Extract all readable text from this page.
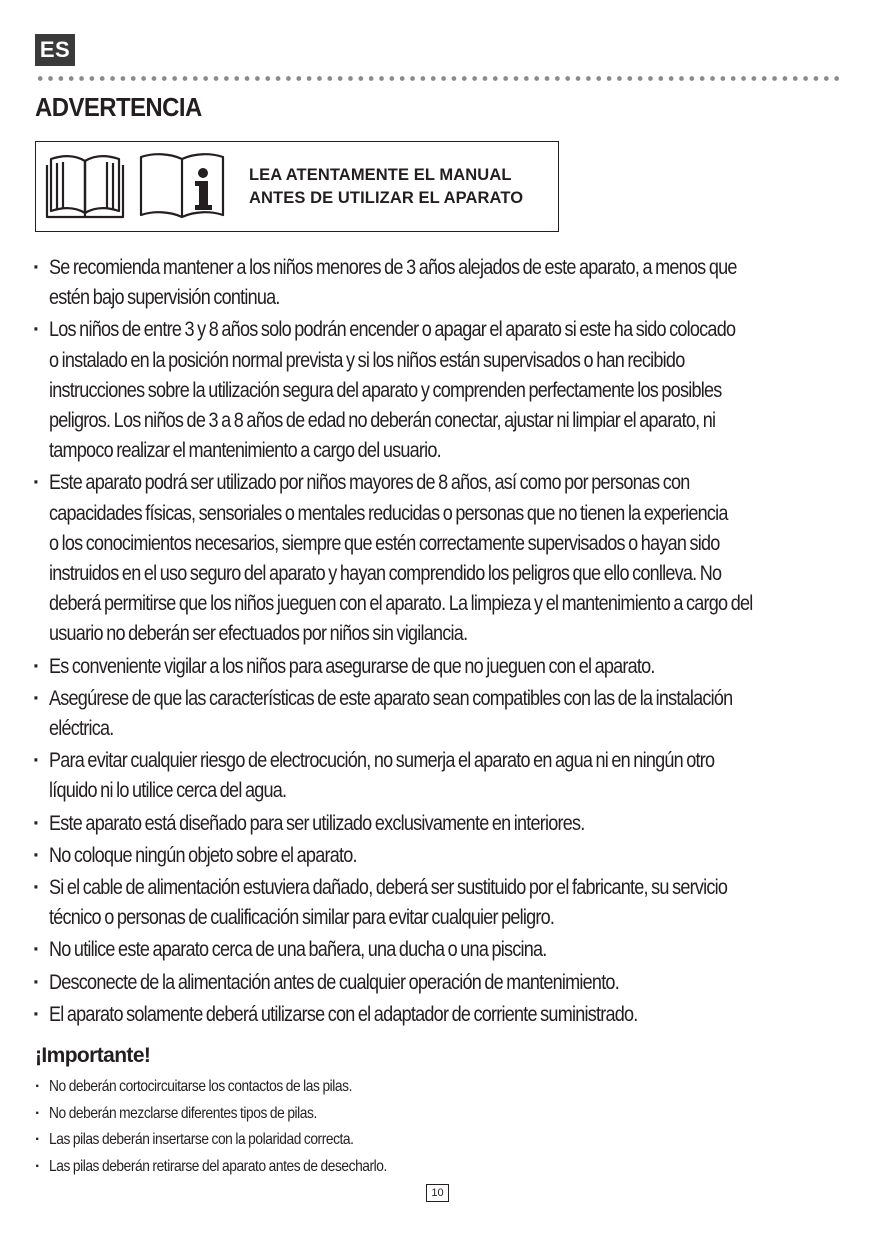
ES
ADVERTENCIA
LEA ATENTAMENTE EL MANUAL
ANTES DE UTILIZAR EL APARATO
· Se recomienda mantener a los niños menores de 3 años alejados de este aparato, a menos que
estén bajo supervisión continua.
· Los niños de entre 3 y 8 años solo podrán encender o apagar el aparato si este ha sido colocado
o instalado en la posición normal prevista y si los niños están supervisados o han recibido
instrucciones sobre la utilización segura del aparato y comprenden perfectamente los posibles
peligros. Los niños de 3 a 8 años de edad no deberán conectar, ajustar ni limpiar el aparato, ni
tampoco realizar el mantenimiento a cargo del usuario.
· Este aparato podrá ser utilizado por niños mayores de 8 años, así como por personas con
capacidades físicas, sensoriales o mentales reducidas o personas que no tienen la experiencia
o los conocimientos necesarios, siempre que estén correctamente supervisados o hayan sido
instruidos en el uso seguro del aparato y hayan comprendido los peligros que ello conlleva. No
deberá permitirse que los niños jueguen con el aparato. La limpieza y el mantenimiento a cargo del
usuario no deberán ser efectuados por niños sin vigilancia.
· Es conveniente vigilar a los niños para asegurarse de que no jueguen con el aparato.
· Asegúrese de que las características de este aparato sean compatibles con las de la instalación
eléctrica.
· Para evitar cualquier riesgo de electrocución, no sumerja el aparato en agua ni en ningún otro
líquido ni lo utilice cerca del agua.
· Este aparato está diseñado para ser utilizado exclusivamente en interiores.
· No coloque ningún objeto sobre el aparato.
· Si el cable de alimentación estuviera dañado, deberá ser sustituido por el fabricante, su servicio
técnico o personas de cualificación similar para evitar cualquier peligro.
· No utilice este aparato cerca de una bañera, una ducha o una piscina.
· Desconecte de la alimentación antes de cualquier operación de mantenimiento.
· El aparato solamente deberá utilizarse con el adaptador de corriente suministrado.
¡Importante!
· No deberán cortocircuitarse los contactos de las pilas.
· No deberán mezclarse diferentes tipos de pilas.
· Las pilas deberán insertarse con la polaridad correcta.
· Las pilas deberán retirarse del aparato antes de desecharlo.
10
